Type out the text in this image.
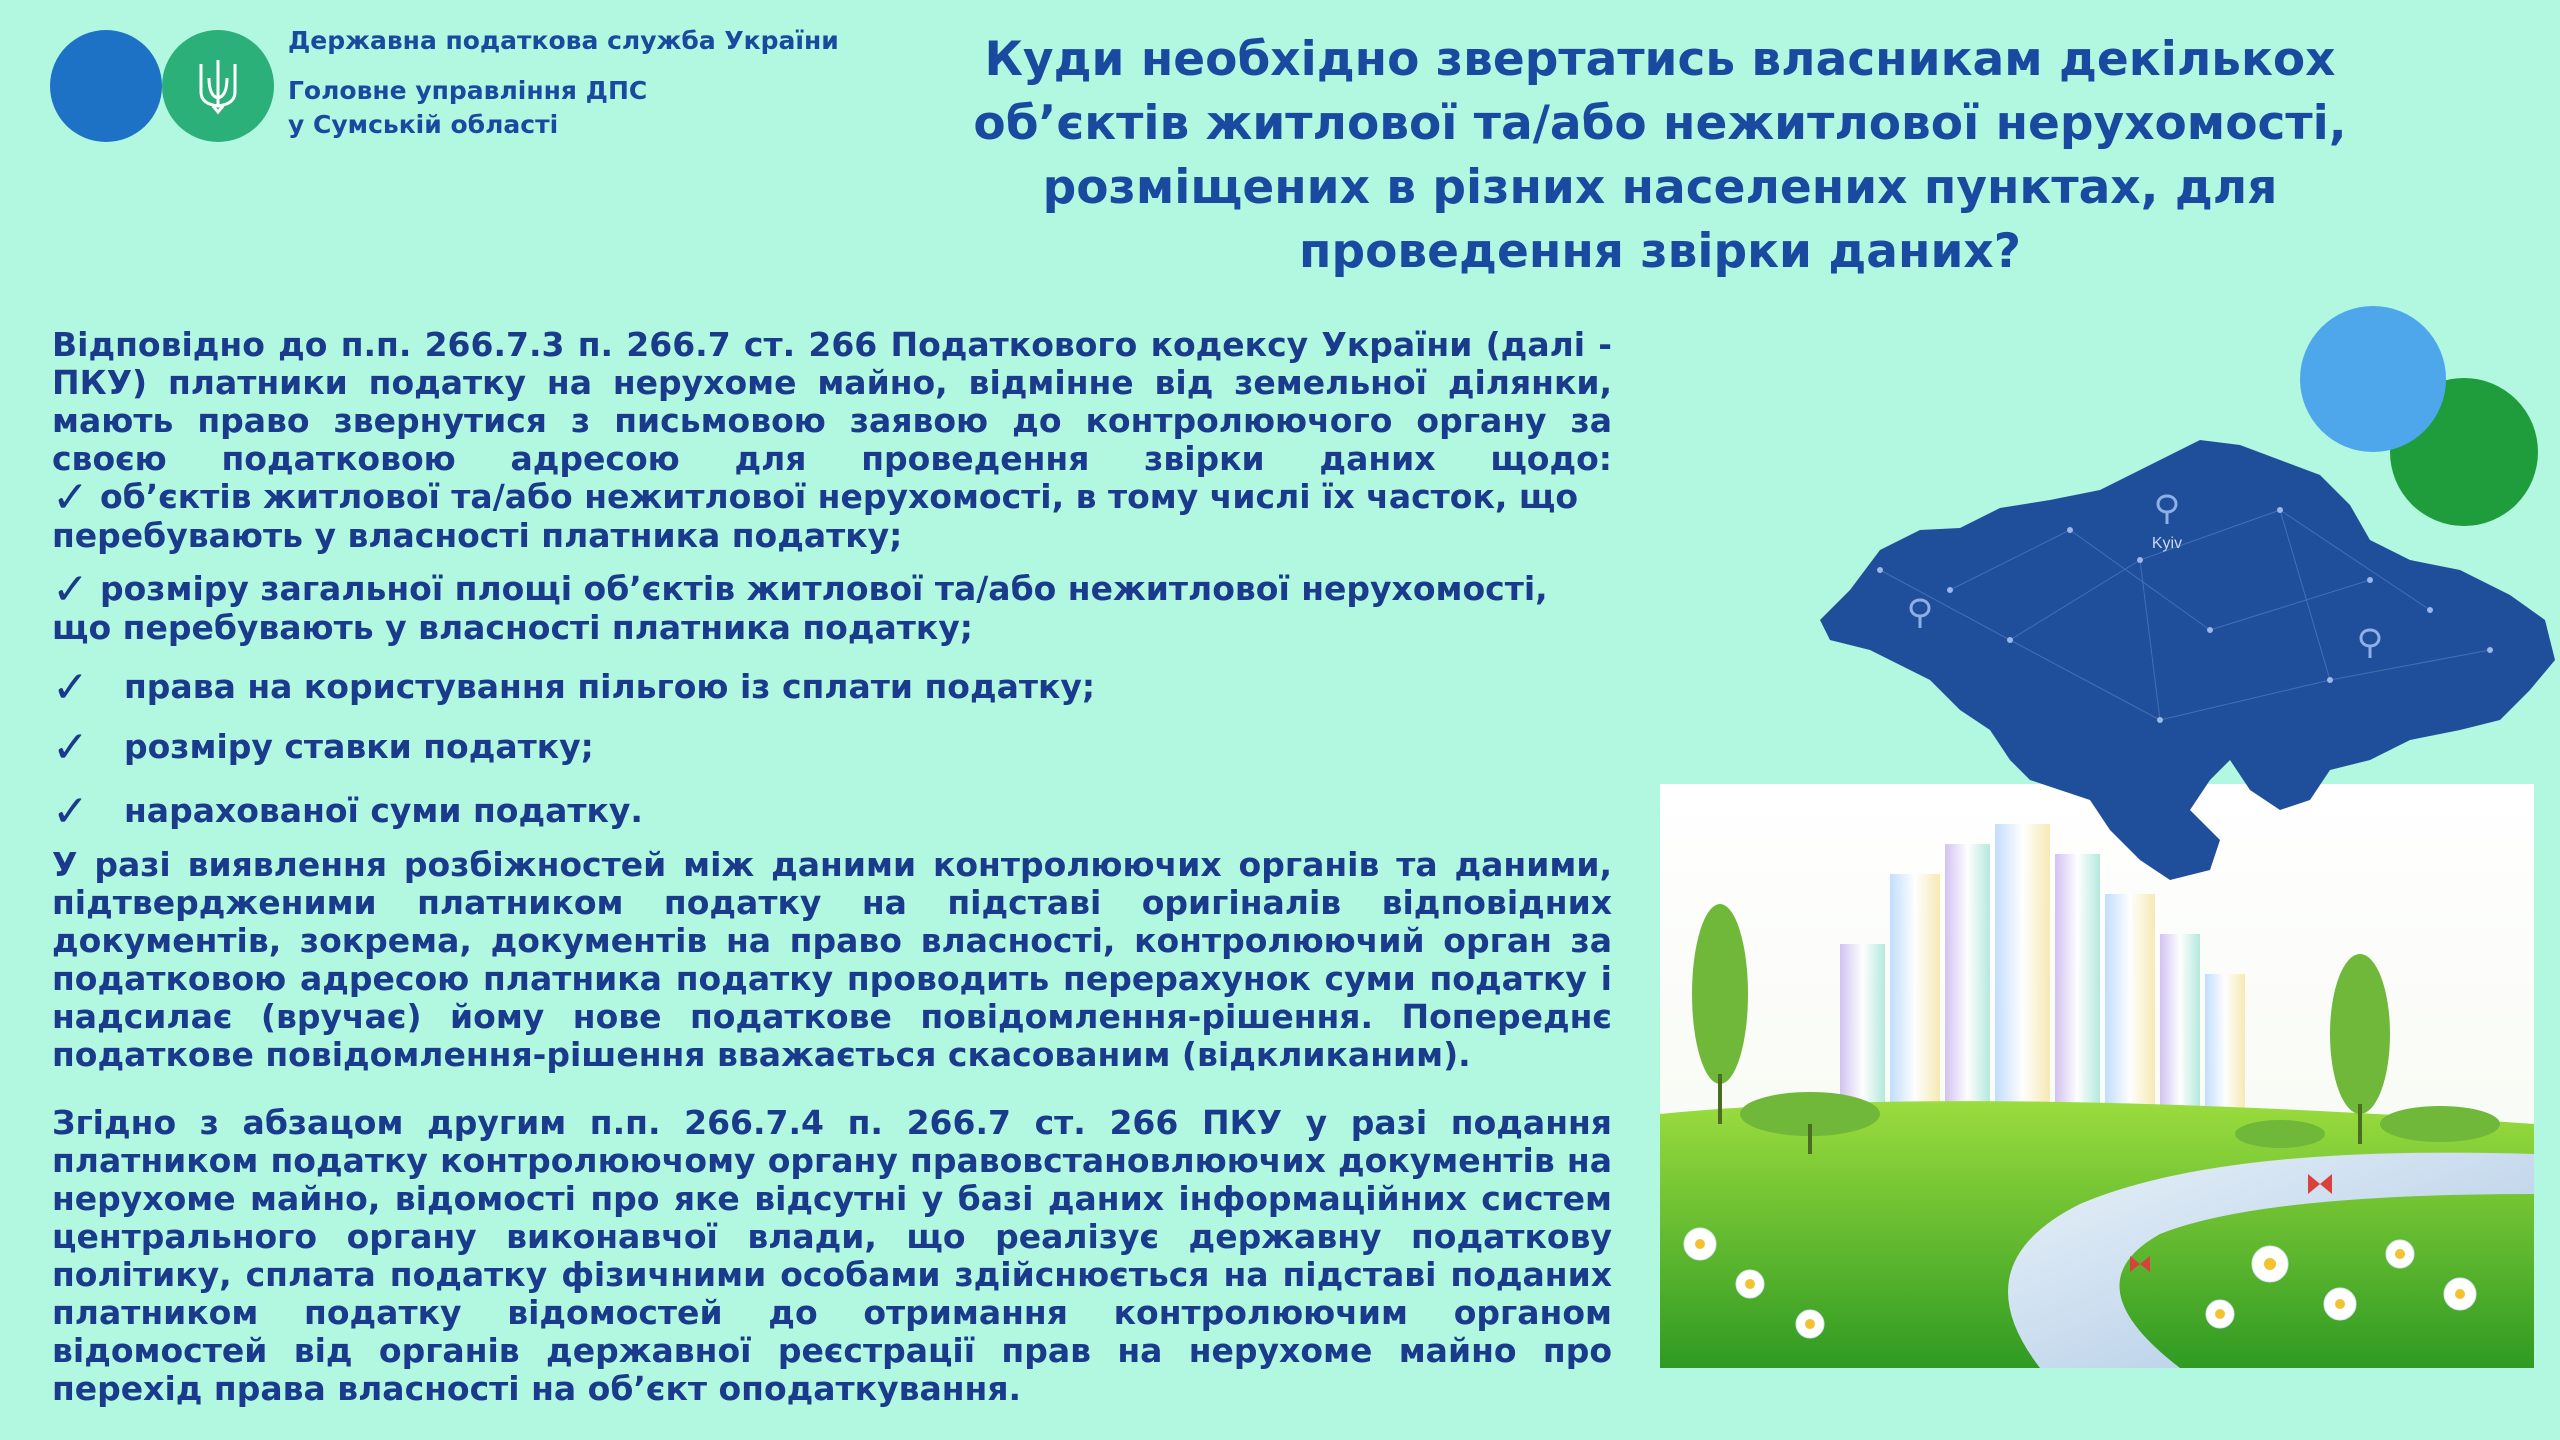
Державна податкова служба України
Головне управління ДПС
у Сумській області
Куди необхідно звертатись власникам декількох
об’єктів житлової та/або нежитлової нерухомості,
розміщених в різних населених пунктах, для
проведення звірки даних?
Відповідно до п.п. 266.7.3 п. 266.7 ст. 266 Податкового кодексу України (далі - ПКУ) платники податку на нерухоме майно, відмінне від земельної ділянки, мають право звернутися з письмовою заявою до контролюючого органу за своєю податковою адресою для проведення звірки даних щодо:
✓ об’єктів житлової та/або нежитлової нерухомості, в тому числі їх часток, що перебувають у власності платника податку;
✓ розміру загальної площі об’єктів житлової та/або нежитлової нерухомості, що перебувають у власності платника податку;
✓ права на користування пільгою із сплати податку;
✓ розміру ставки податку;
✓ нарахованої суми податку.
У разі виявлення розбіжностей між даними контролюючих органів та даними, підтвердженими платником податку на підставі оригіналів відповідних документів, зокрема, документів на право власності, контролюючий орган за податковою адресою платника податку проводить перерахунок суми податку і надсилає (вручає) йому нове податкове повідомлення-рішення. Попереднє податкове повідомлення-рішення вважається скасованим (відкликаним).
Згідно з абзацом другим п.п. 266.7.4 п. 266.7 ст. 266 ПКУ у разі подання платником податку контролюючому органу правовстановлюючих документів на нерухоме майно, відомості про яке відсутні у базі даних інформаційних систем центрального органу виконавчої влади, що реалізує державну податкову політику, сплата податку фізичними особами здійснюється на підставі поданих платником податку відомостей до отримання контролюючим органом відомостей від органів державної реєстрації прав на нерухоме майно про перехід права власності на об’єкт оподаткування.
Kyiv
